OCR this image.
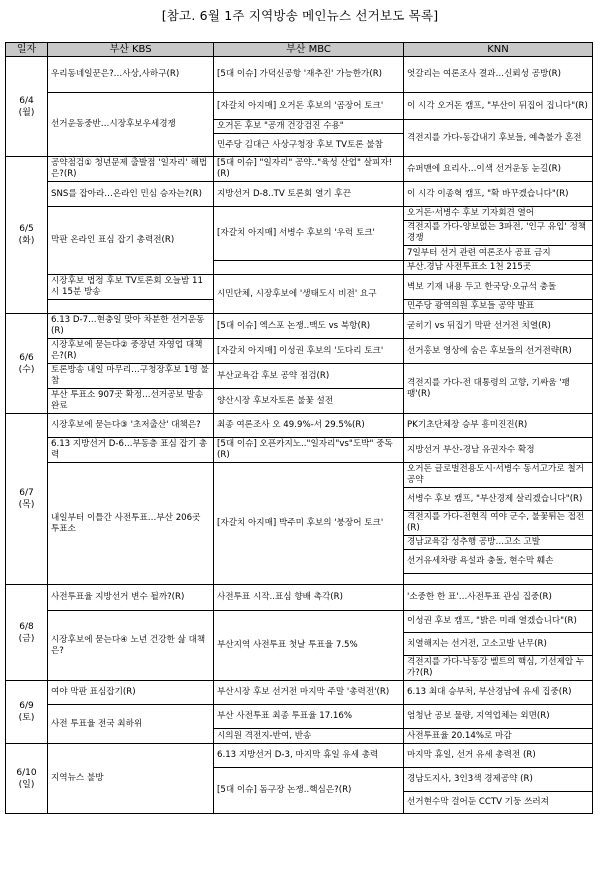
[참고. 6월 1주 지역방송 메인뉴스 선거보도 목록]
일자	부산 KBS	부산 MBC	KNN

6/4
(월)	우리동네일꾼은?…사상,사하구(R)	[5대 이슈] 가덕신공항 '재추진' 가능한가(R)	엇갈리는 여론조사 결과…신뢰성 공방(R)
	선거운동중반…시장후보우세경쟁	[자갈치 아지매] 오거돈 후보의 '곰장어 토크'	이 시각 오거돈 캠프, "부산이 뒤집어 집니다"(R)
		오거돈 후보 "공개 건강검진 수용"	격전지를 가다-동갑내기 후보들, 예측불가 혼전
		민주당 김대근 사상구청장 후보 TV토론 불참	

6/5
(화)	공약점검① 청년문제 출발점 '일자리' 해법은?(R)	[5대 이슈] "일자리" 공약.."육성 산업" 살피자!(R)	슈퍼맨에 요리사…이색 선거운동 눈길(R)
	SNS를 잡아라…온라인 민심 승자는?(R)	지방선거 D-8..TV 토론회 열기 후끈	이 시각 이종혁 캠프, "확 바꾸겠습니다"(R)
	막판 온라인 표심 잡기 총력전(R)	[자갈치 아지매] 서병수 후보의 '우럭 토크'	오거돈·서병수 후보 기자회견 열어
			격전지를 가다-양보없는 3파전, '인구 유입' 정책 경쟁
			7일부터 선거 관련 여론조사 공표 금지
			부산.경남 사전투표소 1천 215곳
	시장후보 법정 후보 TV토론회 오늘밤 11시 15분 방송	시민단체, 시장후보에 '생태도시 비전' 요구	벽보 기재 내용 두고 한국당·오규석 충돌
			민주당 광역의원 후보들 공약 발표

6/6
(수)	6.13 D-7…현충일 맞아 차분한 선거운동(R)	[5대 이슈] 엑스포 논쟁..맥도 vs 북항(R)	굳히기 vs 뒤집기 막판 선거전 치열(R)
	시장후보에 묻는다② 중장년 자영업 대책은?(R)	[자갈치 아지매] 이성권 후보의 '도다리 토크'	선거홍보 영상에 숨은 후보들의 선거전략(R)
	토론방송 내일 마무리…구청장후보 1명 불참	부산교육감 후보 공약 점검(R)	격전지를 가다-전 대통령의 고향, 기싸움 '팽팽'(R)
	부산 투표소 907곳 확정…선거공보 발송완료	양산시장 후보자토론 불꽃 설전	

6/7
(목)	시장후보에 묻는다③ '초저출산' 대책은?	최종 여론조사 오 49.9%-서 29.5%(R)	PK기초단체장 승부 흥미진진(R)
	6.13 지방선거 D-6…부동층 표심 잡기 총력	[5대 이슈] 오픈카지노.."일자리"vs"도박" 중독(R)	지방선거 부산-경남 유권자수 확정
	내일부터 이틀간 사전투표…부산 206곳 투표소	[자갈치 아지매] 박주미 후보의 '붕장어 토크'	오거돈 글로벌전용도시·서병수 동서고가로 철거 공약
			서병수 후보 캠프, "부산경제 살리겠습니다"(R)
			격전지를 가다-전현직 여야 군수, 불꽃튀는 접전(R)
			경남교육감 성추행 공방…고소 고발
			선거유세차량 욕설과 충돌, 현수막 훼손

6/8
(금)	사전투표율 지방선거 변수 될까?(R)	사전투표 시작..표심 향배 촉각(R)	'소중한 한 표'…사전투표 관심 집중(R)
	시장후보에 묻는다④ 노년 건강한 삶 대책은?	부산지역 사전투표 첫날 투표율 7.5%	이성권 후보 캠프, "밝은 미래 열겠습니다"(R)
			치열해지는 선거전, 고소고발 난무(R)
			격전지를 가다-낙동강 벨트의 핵심, 기선제압 누가?(R)

6/9
(토)	여야 막판 표심잡기(R)	부산시장 후보 선거전 마지막 주말 '총력전'(R)	6.13 최대 승부처, 부산경남에 유세 집중(R)
	사전 투표율 전국 최하위	부산 사전투표 최종 투표율 17.16%	엄청난 공보 물량, 지역업체는 외면(R)
		시의원 격전지-반여, 반송	사전투표율 20.14%로 마감

6/10
(일)	지역뉴스 불방	6.13 지방선거 D-3, 마지막 휴일 유세 총력	마지막 휴일, 선거 유세 총력전 (R)
		[5대 이슈] 돔구장 논쟁..핵심은?(R)	경남도지사, 3인3색 경제공약 (R)
			선거현수막 걸어둔 CCTV 기둥 쓰러져
